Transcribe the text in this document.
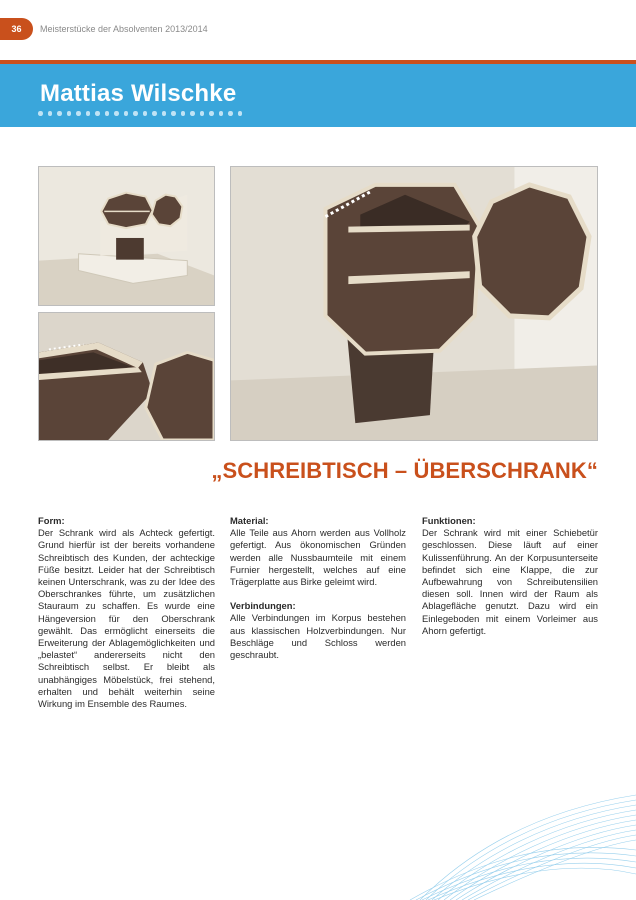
36	Meisterstücke der Absolventen 2013/2014
Mattias Wilschke
„SCHREIBTISCH – ÜBERSCHRANK“
Form:

Der Schrank wird als Achteck gefertigt. Grund hierfür ist der bereits vorhandene Schreibtisch des Kunden, der achteckige Füße besitzt. Leider hat der Schreibtisch keinen Unterschrank, was zu der Idee des Oberschrankes führte, um zusätzlichen Stauraum zu schaffen. Es wurde eine Hängeversion für den Oberschrank gewählt. Das ermöglicht einerseits die Erweiterung der Ablagemöglichkeiten und „belastet“ andererseits nicht den Schreibtisch selbst. Er bleibt als unabhängiges Möbelstück, frei stehend, erhalten und behält weiterhin seine Wirkung im Ensemble des Raumes.

Material:

Alle Teile aus Ahorn werden aus Vollholz gefertigt. Aus ökonomischen Gründen werden alle Nussbaumteile mit einem Furnier hergestellt, welches auf eine Trägerplatte aus Birke geleimt wird.

Verbindungen:

Alle Verbindungen im Korpus bestehen aus klassischen Holzverbindungen. Nur Beschläge und Schloss werden geschraubt.

Funktionen:

Der Schrank wird mit einer Schiebetür geschlossen. Diese läuft auf einer Kulissenführung. An der Korpusunterseite befindet sich eine Klappe, die zur Aufbewahrung von Schreibutensilien diesen soll. Innen wird der Raum als Ablagefläche genutzt. Dazu wird ein Einlegeboden mit einem Vorleimer aus Ahorn gefertigt.
